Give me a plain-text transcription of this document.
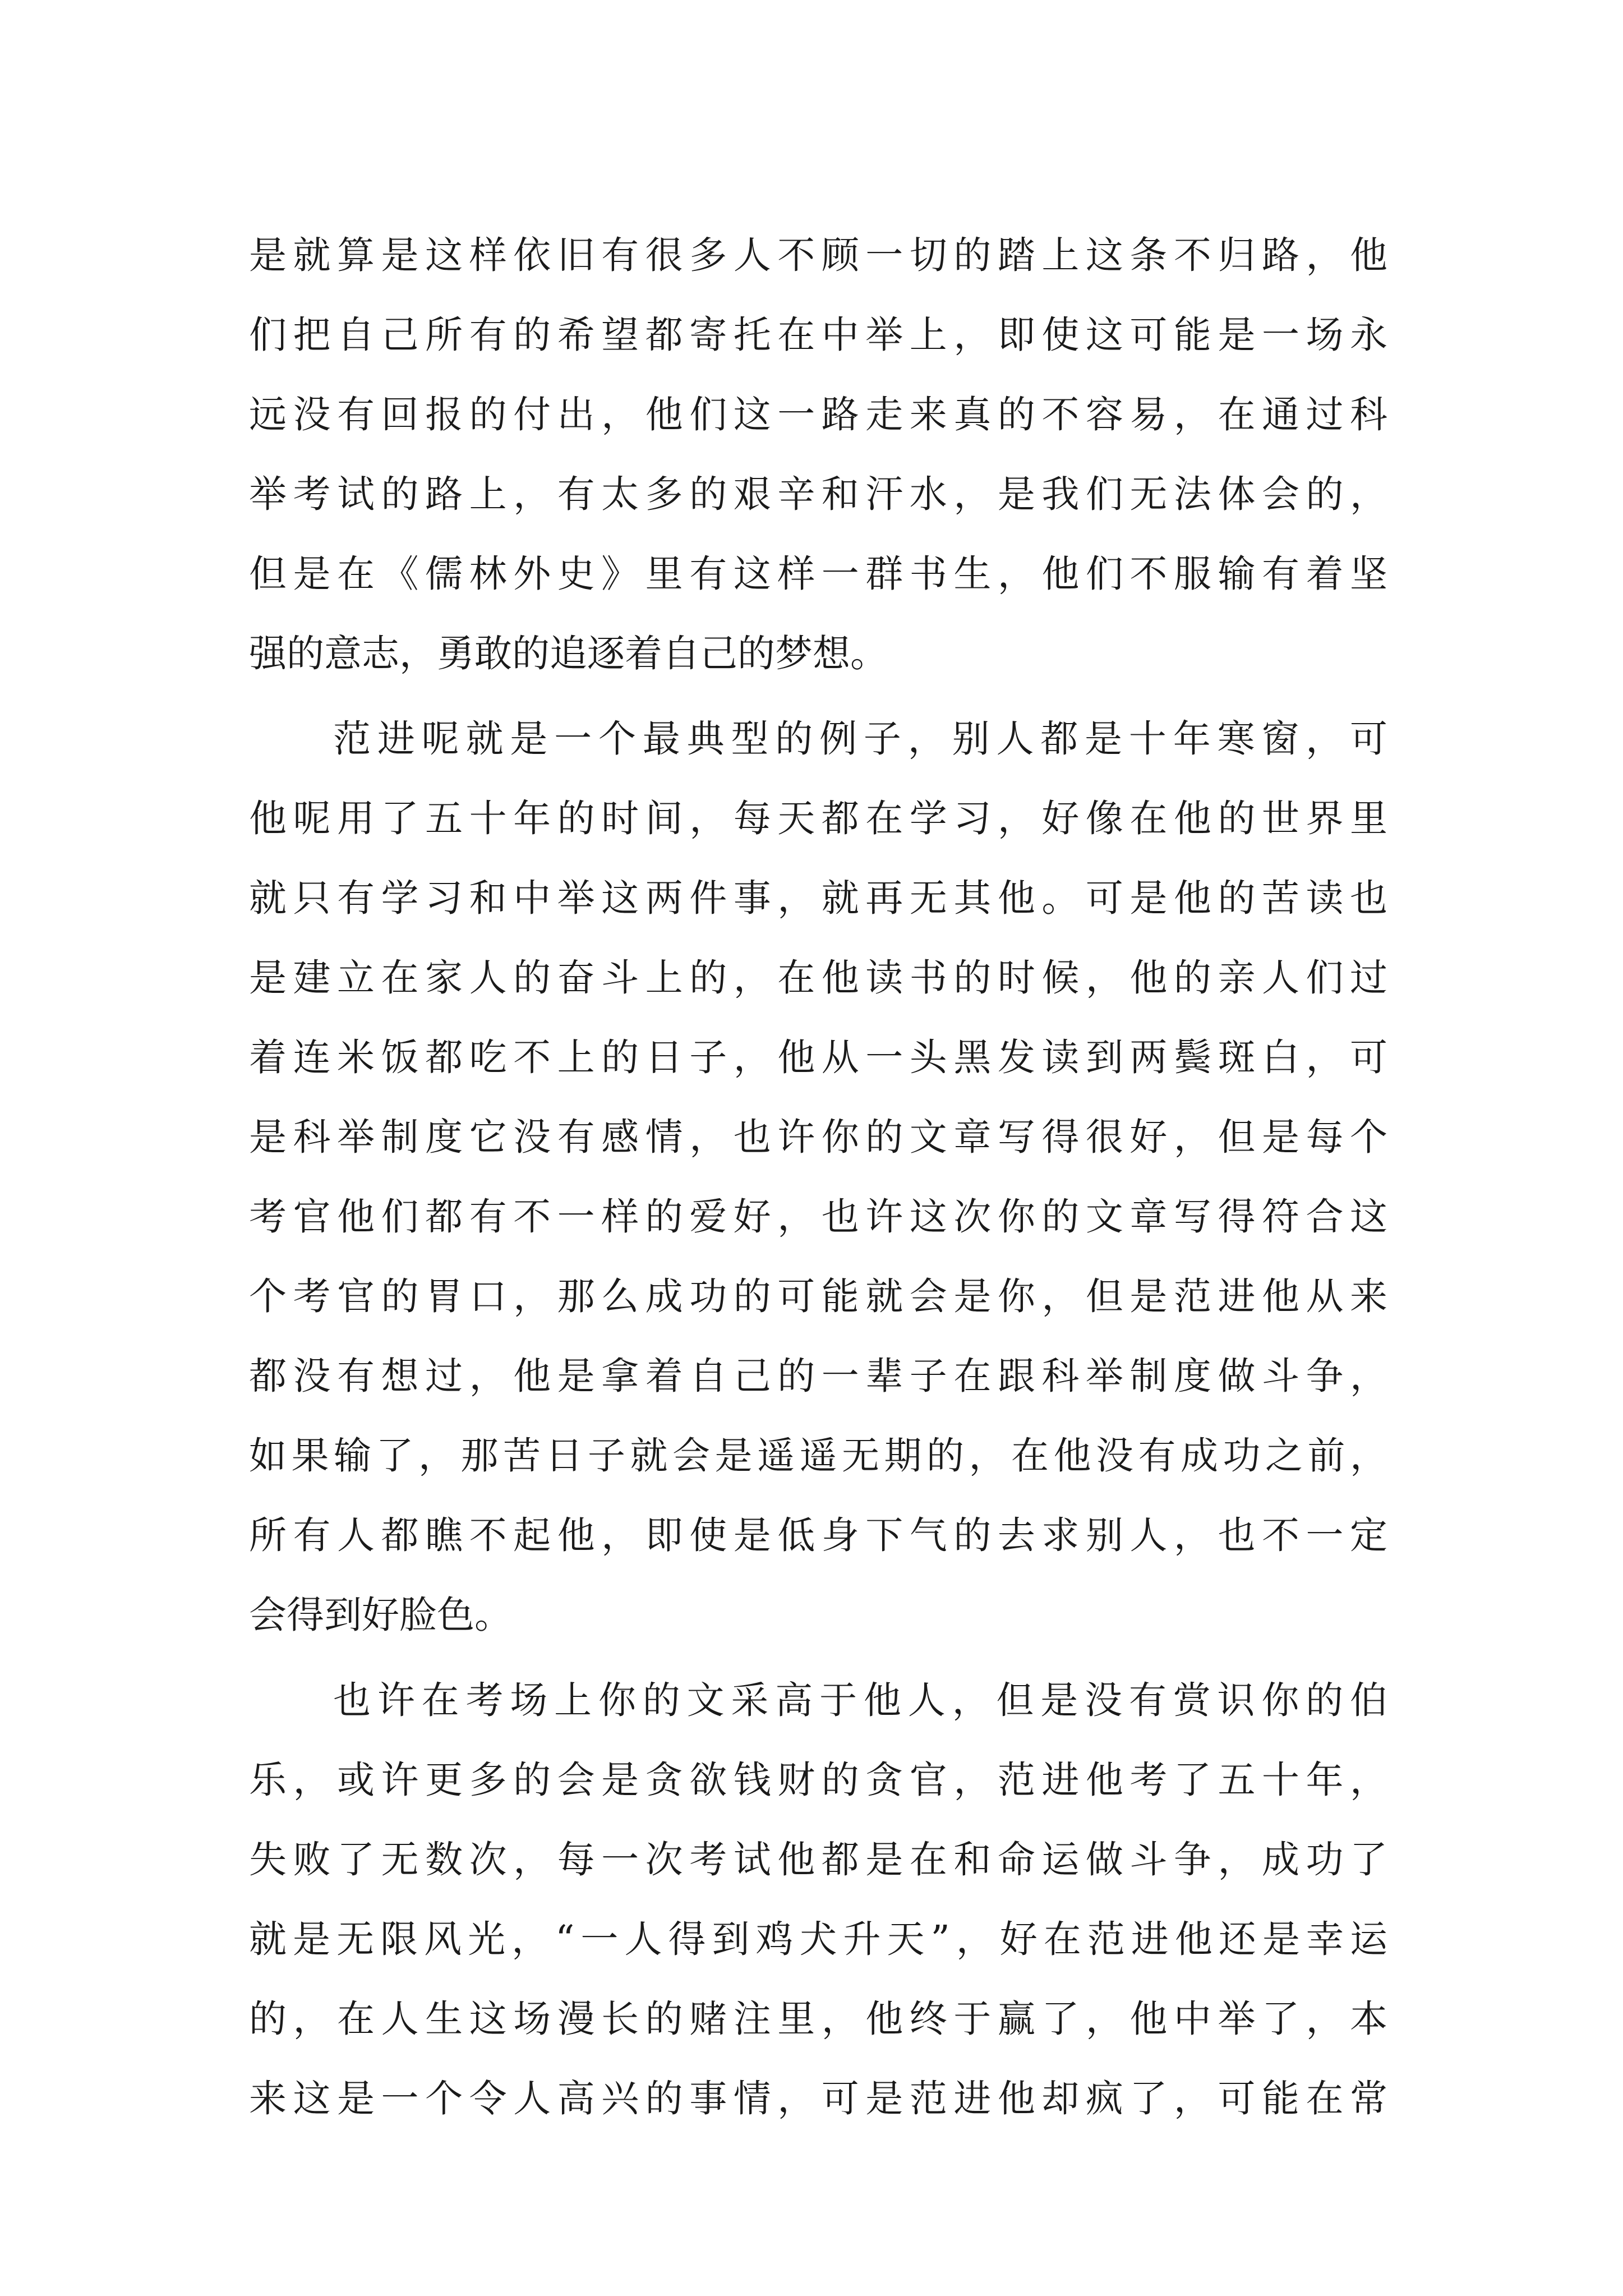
是就算是这样依旧有很多人不顾一切的踏上这条不归路，他
们把自己所有的希望都寄托在中举上，即使这可能是一场永
远没有回报的付出，他们这一路走来真的不容易，在通过科
举考试的路上，有太多的艰辛和汗水，是我们无法体会的，
但是在《儒林外史》里有这样一群书生，他们不服输有着坚
强的意志，勇敢的追逐着自己的梦想。
范进呢就是一个最典型的例子，别人都是十年寒窗，可
他呢用了五十年的时间，每天都在学习，好像在他的世界里
就只有学习和中举这两件事，就再无其他。可是他的苦读也
是建立在家人的奋斗上的，在他读书的时候，他的亲人们过
着连米饭都吃不上的日子，他从一头黑发读到两鬓斑白，可
是科举制度它没有感情，也许你的文章写得很好，但是每个
考官他们都有不一样的爱好，也许这次你的文章写得符合这
个考官的胃口，那么成功的可能就会是你，但是范进他从来
都没有想过，他是拿着自己的一辈子在跟科举制度做斗争，
如果输了，那苦日子就会是遥遥无期的，在他没有成功之前，
所有人都瞧不起他，即使是低身下气的去求别人，也不一定
会得到好脸色。
也许在考场上你的文采高于他人，但是没有赏识你的伯
乐，或许更多的会是贪欲钱财的贪官，范进他考了五十年，
失败了无数次，每一次考试他都是在和命运做斗争，成功了
就是无限风光，“一人得到鸡犬升天”，好在范进他还是幸运
的，在人生这场漫长的赌注里，他终于赢了，他中举了，本
来这是一个令人高兴的事情，可是范进他却疯了，可能在常
